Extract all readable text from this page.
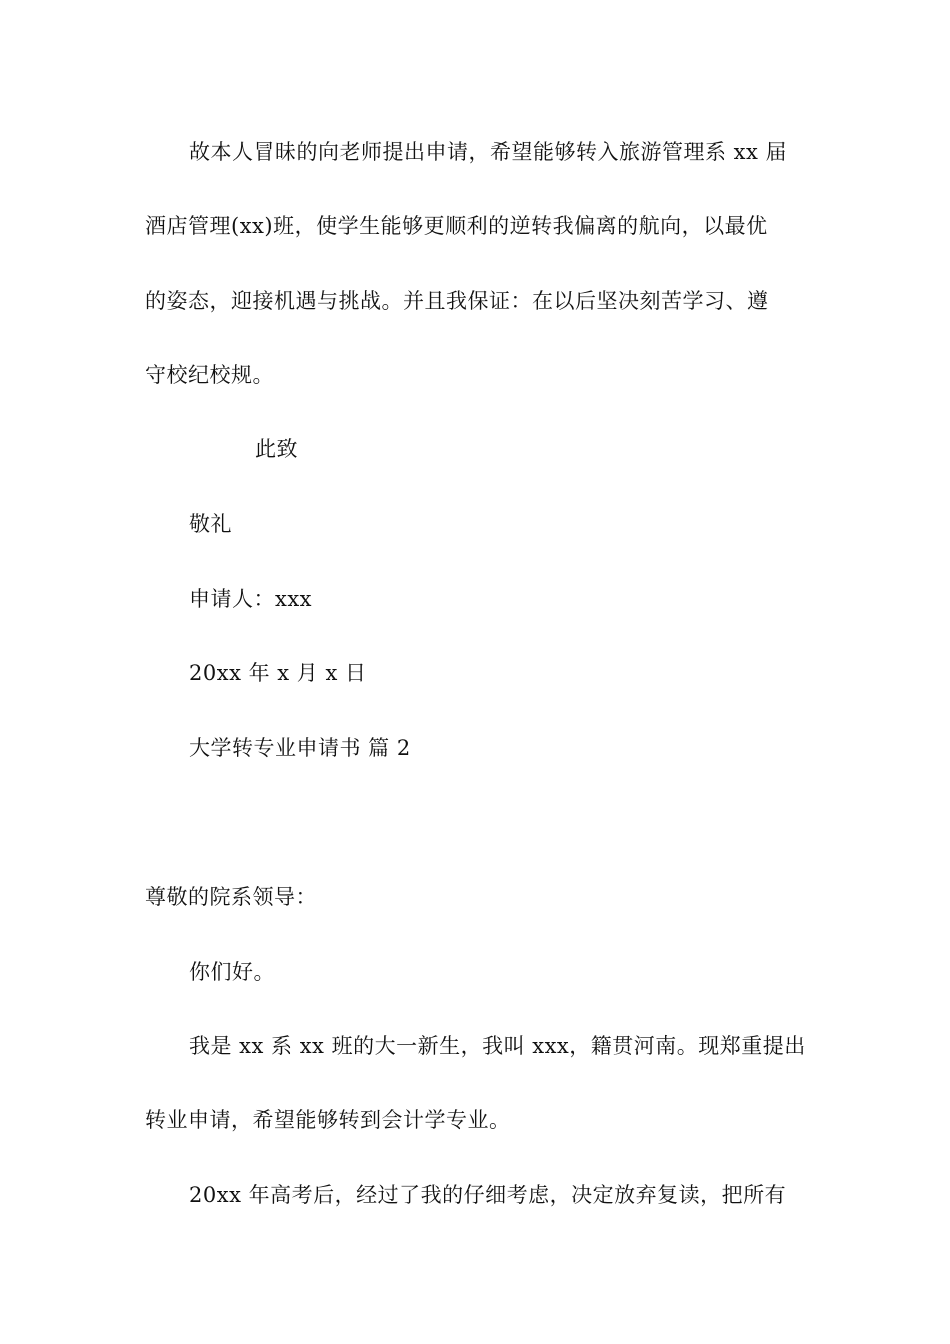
故本人冒昧的向老师提出申请，希望能够转入旅游管理系 xx 届
酒店管理(xx)班，使学生能够更顺利的逆转我偏离的航向，以最优
的姿态，迎接机遇与挑战。并且我保证：在以后坚决刻苦学习、遵
守校纪校规。
此致
敬礼
申请人：xxx
20xx 年 x 月 x 日
大学转专业申请书 篇 2
尊敬的院系领导：
你们好。
我是 xx 系 xx 班的大一新生，我叫 xxx，籍贯河南。现郑重提出
转业申请，希望能够转到会计学专业。
20xx 年高考后，经过了我的仔细考虑，决定放弃复读，把所有
